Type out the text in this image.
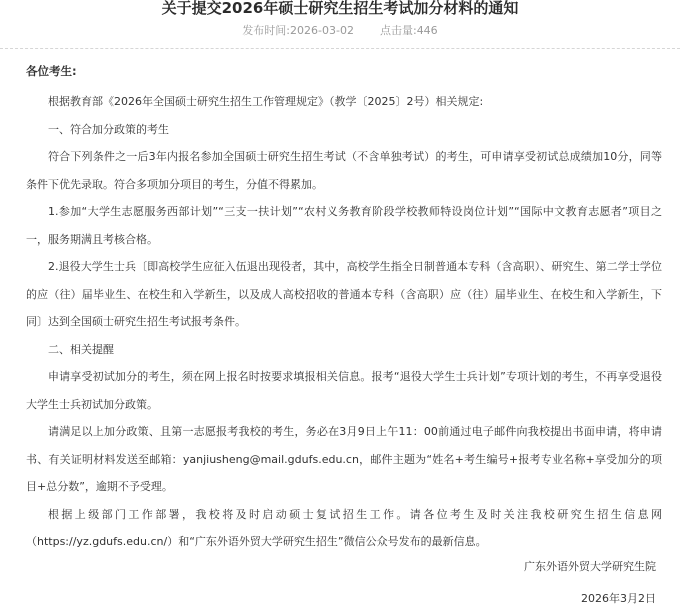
关于提交2026年硕士研究生招生考试加分材料的通知
发布时间:2026-03-02 点击量:446
各位考生:

根据教育部《2026年全国硕士研究生招生工作管理规定》（教学〔2025〕2号）相关规定:

一、符合加分政策的考生

符合下列条件之一后3年内报名参加全国硕士研究生招生考试（不含单独考试）的考生，可申请享受初试总成绩加10分，同等条件下优先录取。符合多项加分项目的考生，分值不得累加。

1.参加“大学生志愿服务西部计划”“三支一扶计划”“农村义务教育阶段学校教师特设岗位计划”“国际中文教育志愿者”项目之一，服务期满且考核合格。

2.退役大学生士兵〔即高校学生应征入伍退出现役者，其中，高校学生指全日制普通本专科（含高职）、研究生、第二学士学位的应（往）届毕业生、在校生和入学新生，以及成人高校招收的普通本专科（含高职）应（往）届毕业生、在校生和入学新生，下同〕达到全国硕士研究生招生考试报考条件。

二、相关提醒

申请享受初试加分的考生，须在网上报名时按要求填报相关信息。报考“退役大学生士兵计划”专项计划的考生，不再享受退役大学生士兵初试加分政策。

请满足以上加分政策、且第一志愿报考我校的考生，务必在3月9日上午11：00前通过电子邮件向我校提出书面申请，将申请书、有关证明材料发送至邮箱：yanjiusheng@mail.gdufs.edu.cn，邮件主题为“姓名+考生编号+报考专业名称+享受加分的项目+总分数”，逾期不予受理。

根据上级部门工作部署，我校将及时启动硕士复试招生工作。请各位考生及时关注我校研究生招生信息网（https://yz.gdufs.edu.cn/）和“广东外语外贸大学研究生招生”微信公众号发布的最新信息。

广东外语外贸大学研究生院
2026年3月2日
